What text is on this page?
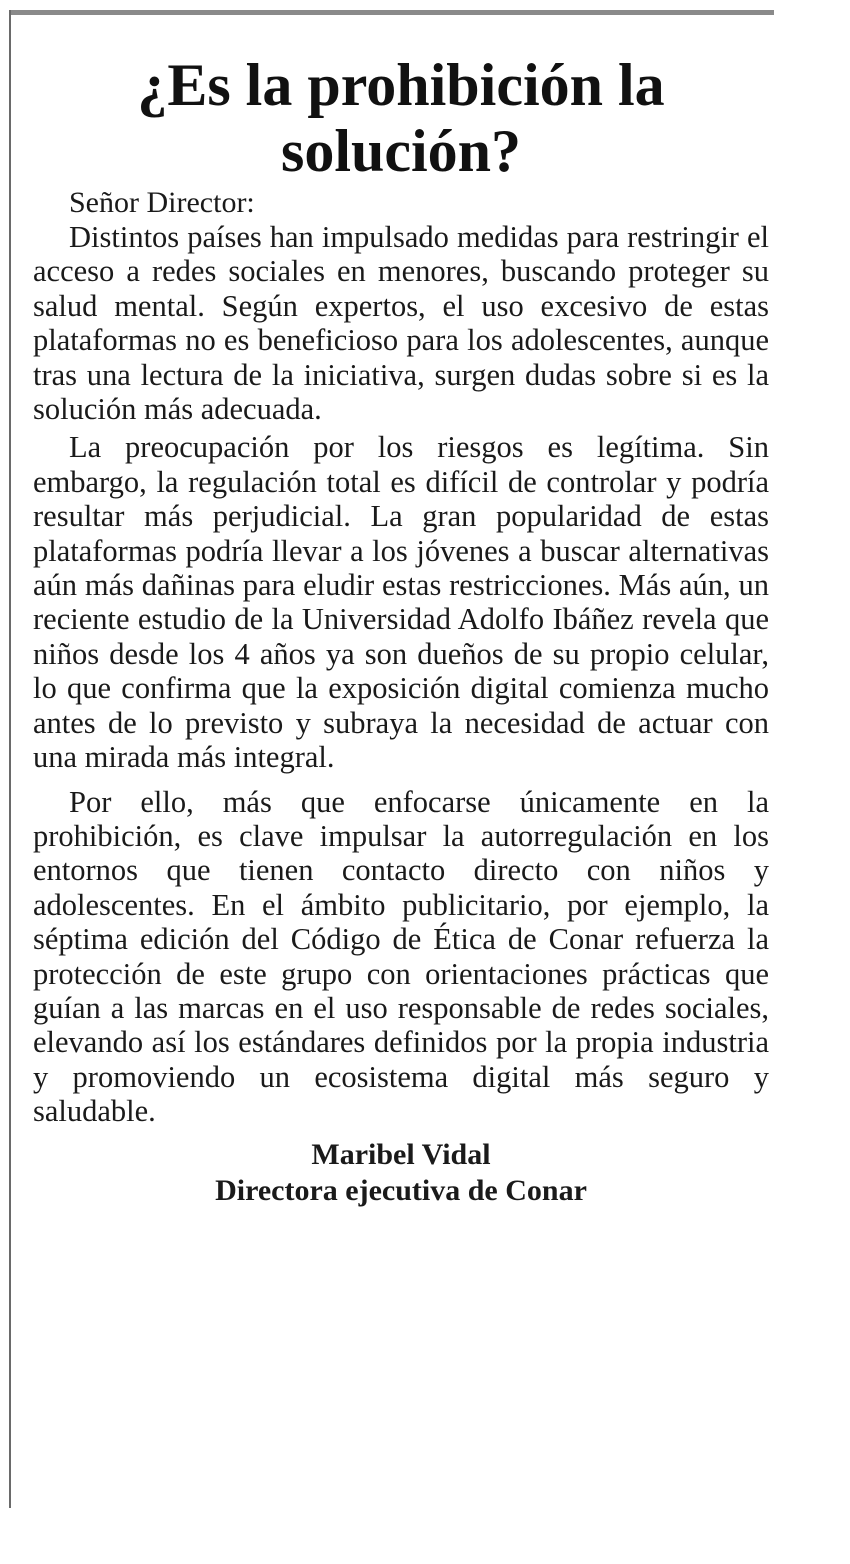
¿Es la prohibición la solución?
Señor Director:

Distintos países han impulsado medidas para restringir el acceso a redes sociales en menores, buscando proteger su salud mental. Según expertos, el uso excesivo de estas plataformas no es beneficioso para los adolescentes, aunque tras una lectura de la iniciativa, surgen dudas sobre si es la solución más adecuada.

La preocupación por los riesgos es legítima. Sin embargo, la regulación total es difícil de controlar y podría resultar más perjudicial. La gran popularidad de estas plataformas podría llevar a los jóvenes a buscar alternativas aún más dañinas para eludir estas restricciones. Más aún, un reciente estudio de la Universidad Adolfo Ibáñez revela que niños desde los 4 años ya son dueños de su propio celular, lo que confirma que la exposición digital comienza mucho antes de lo previsto y subraya la necesidad de actuar con una mirada más integral.

Por ello, más que enfocarse únicamente en la prohibición, es clave impulsar la autorregulación en los entornos que tienen contacto directo con niños y adolescentes. En el ámbito publicitario, por ejemplo, la séptima edición del Código de Ética de Conar refuerza la protección de este grupo con orientaciones prácticas que guían a las marcas en el uso responsable de redes sociales, elevando así los estándares definidos por la propia industria y promoviendo un ecosistema digital más seguro y saludable.

Maribel Vidal
Directora ejecutiva de Conar
